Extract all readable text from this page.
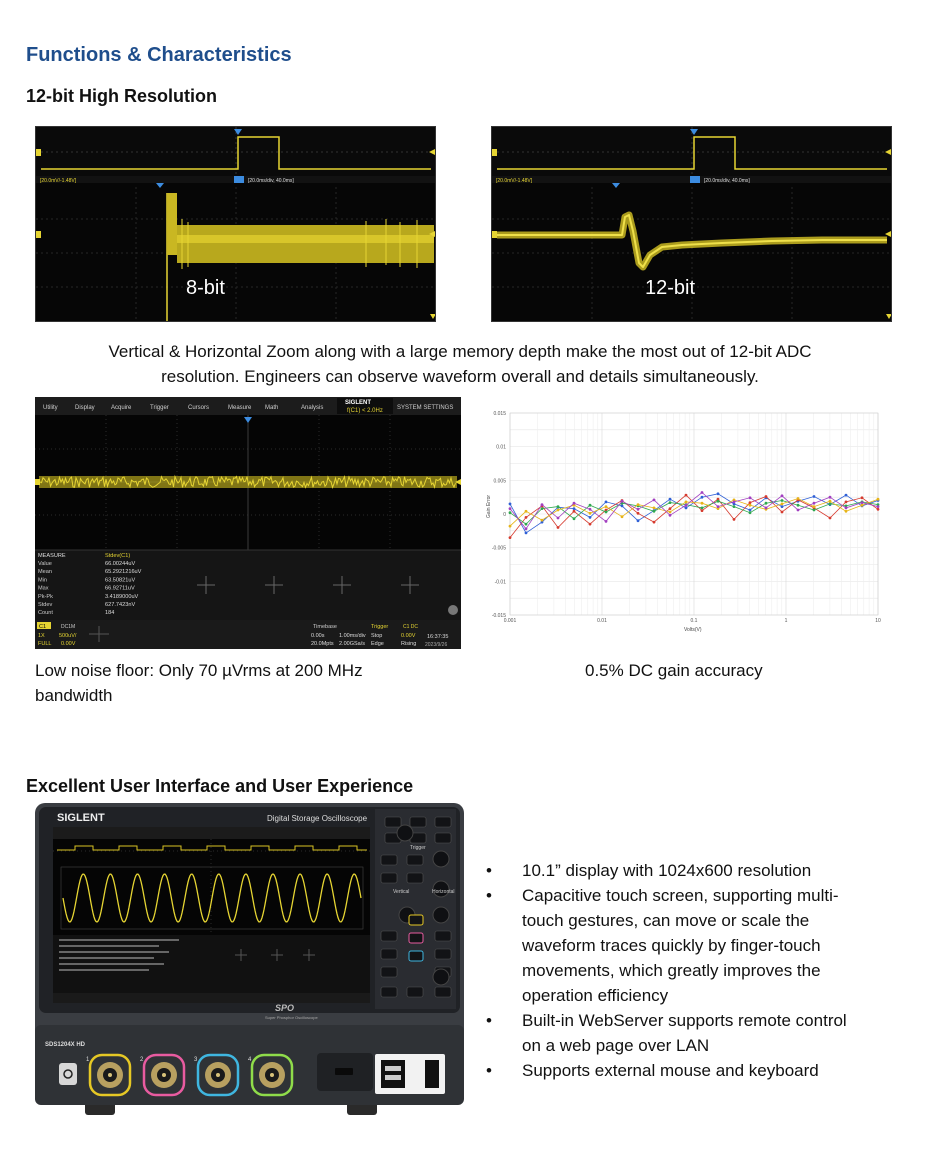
Functions & Characteristics
12-bit High Resolution
[20.0mV/-1.48V]	[20.0ms/div, 40.0ms]
8-bit
[20.0mV/-1.48V]	[20.0ms/div, 40.0ms]
12-bit
Vertical & Horizontal Zoom along with a large memory depth make the most out of 12-bit ADC
resolution. Engineers can observe waveform overall and details simultaneously.
Utility	Display	Acquire	Trigger	Cursors	Measure Math	Analysis
SIGLENT
f(C1) < 2.0Hz SYSTEM SETTINGS
MEASURE	Stdev(C1)
Value	66.00244uV
Mean	65.29212​16uV
Min	63.50821uV
Max	66.92711uV
Pk-Pk	3.41890​00uV
Stdev	627.7423nV
Count	184
C1	DC1M
1X	500uV/
FULL 0.00V
Timebase
0.00s	1.00ms/div
20.0Mpts 2.00GSa/s
Trigger	C1 DC
Stop	0.00V
Edge	Rising
16:37:35
2023/9/26
0.015
0.01
0.005
0
-0.005
-0.01
-0.015
0.001	0.01	0.1	1	10
Gain Error
Volts(V)
Low noise floor: Only 70 µVrms at 200 MHz
bandwidth
0.5% DC gain accuracy
Excellent User Interface and User Experience
SIGLENT	Digital Storage Oscilloscope
Trigger
Vertical	Horizontal
SPO
Super Phosphor Oscilloscope
SDS1204X HD
1	2	3	4
• 10.1” display with 1024x600 resolution
• Capacitive touch screen, supporting multi-
touch gestures, can move or scale the
waveform traces quickly by finger-touch
movements, which greatly improves the
operation efficiency
• Built-in WebServer supports remote control
on a web page over LAN
• Supports external mouse and keyboard
